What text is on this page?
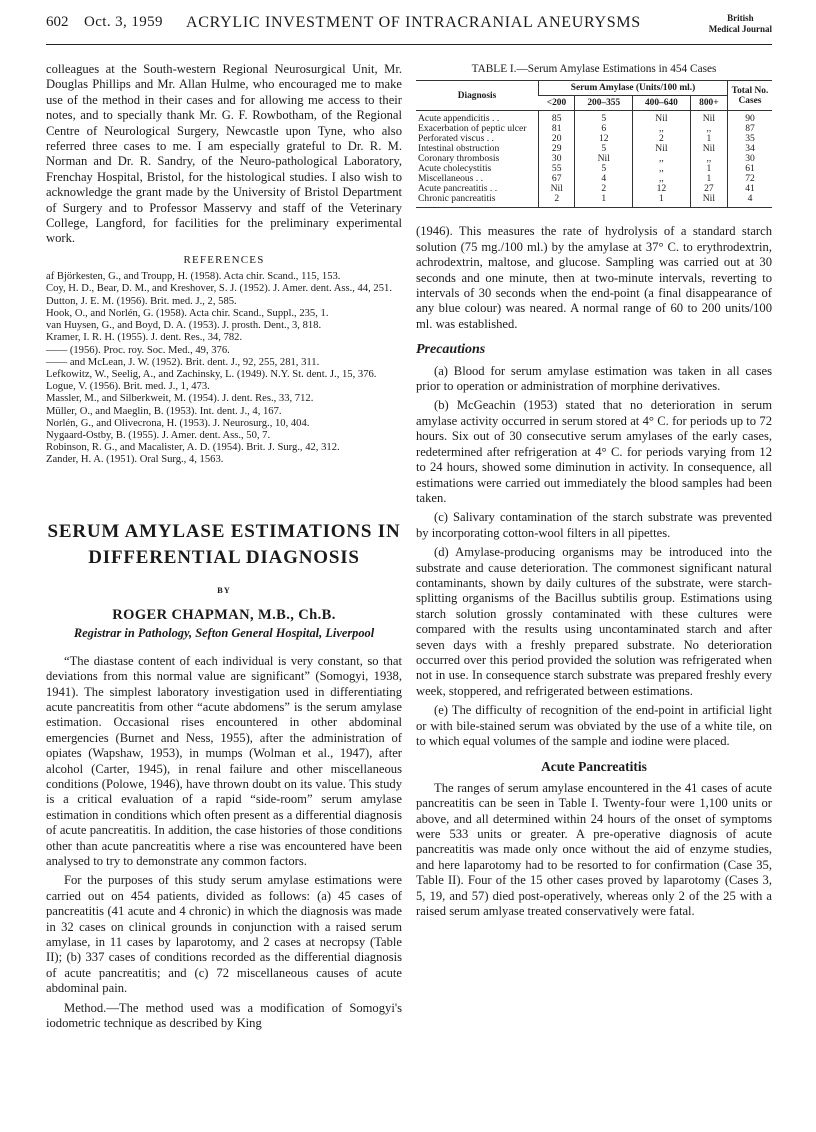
602 Oct. 3, 1959 ACRYLIC INVESTMENT OF INTRACRANIAL ANEURYSMS	British
Medical Journal

colleagues at the South-western Regional Neurosurgical Unit, Mr. Douglas Phillips and Mr. Allan Hulme, who encouraged me to make use of the method in their cases and for allowing me access to their notes, and to specially thank Mr. G. F. Rowbotham, of the Regional Centre of Neurological Surgery, Newcastle upon Tyne, who also referred three cases to me. I am especially grateful to Dr. R. M. Norman and Dr. R. Sandry, of the Neuro-pathological Laboratory, Frenchay Hospital, Bristol, for the histological studies. I also wish to acknowledge the grant made by the University of Bristol Department of Surgery and to Professor Masservy and staff of the Veterinary College, Langford, for facilities for the preliminary experimental work.

REFERENCES

af Björkesten, G., and Troupp, H. (1958). Acta chir. Scand., 115, 153.

Coy, H. D., Bear, D. M., and Kreshover, S. J. (1952). J. Amer. dent. Ass., 44, 251.

Dutton, J. E. M. (1956). Brit. med. J., 2, 585.

Hook, O., and Norlén, G. (1958). Acta chir. Scand., Suppl., 235, 1.

van Huysen, G., and Boyd, D. A. (1953). J. prosth. Dent., 3, 818.

Kramer, I. R. H. (1955). J. dent. Res., 34, 782.

—— (1956). Proc. roy. Soc. Med., 49, 376.

—— and McLean, J. W. (1952). Brit. dent. J., 92, 255, 281, 311.

Lefkowitz, W., Seelig, A., and Zachinsky, L. (1949). N.Y. St. dent. J., 15, 376.

Logue, V. (1956). Brit. med. J., 1, 473.

Massler, M., and Silberkweit, M. (1954). J. dent. Res., 33, 712.

Müller, O., and Maeglin, B. (1953). Int. dent. J., 4, 167.

Norlén, G., and Olivecrona, H. (1953). J. Neurosurg., 10, 404.

Nygaard-Ostby, B. (1955). J. Amer. dent. Ass., 50, 7.

Robinson, R. G., and Macalister, A. D. (1954). Brit. J. Surg., 42, 312.

Zander, H. A. (1951). Oral Surg., 4, 1563.

SERUM AMYLASE ESTIMATIONS IN DIFFERENTIAL DIAGNOSIS
BY
ROGER CHAPMAN, M.B., Ch.B.
Registrar in Pathology, Sefton General Hospital, Liverpool

“The diastase content of each individual is very constant, so that deviations from this normal value are significant” (Somogyi, 1938, 1941). The simplest laboratory investigation used in differentiating acute pancreatitis from other “acute abdomens” is the serum amylase estimation. Occasional rises encountered in other abdominal emergencies (Burnet and Ness, 1955), after the administration of opiates (Wapshaw, 1953), in mumps (Wolman et al., 1947), after alcohol (Carter, 1945), in renal failure and other miscellaneous conditions (Polowe, 1946), have thrown doubt on its value. This study is a critical evaluation of a rapid “side-room” serum amylase estimation in conditions which often present as a differential diagnosis of acute pancreatitis. In addition, the case histories of those conditions other than acute pancreatitis where a rise was encountered have been analysed to try to demonstrate any common factors.

For the purposes of this study serum amylase estimations were carried out on 454 patients, divided as follows: (a) 45 cases of pancreatitis (41 acute and 4 chronic) in which the diagnosis was made in 32 cases on clinical grounds in conjunction with a raised serum amylase, in 11 cases by laparotomy, and 2 cases at necropsy (Table II); (b) 337 cases of conditions recorded as the differential diagnosis of acute pancreatitis; and (c) 72 miscellaneous causes of acute abdominal pain.

Method.—The method used was a modification of Somogyi's iodometric technique as described by King

TABLE I.—Serum Amylase Estimations in 454 Cases
Diagnosis	Serum Amylase (Units/100 ml.)				Total No. Cases
	<200	200–355	400–640	800+	
Acute appendicitis . .	85	5	Nil	Nil	90
Exacerbation of peptic ulcer	81	6	,,	,,	87
Perforated viscus . .	20	12	2	1	35
Intestinal obstruction	29	5	Nil	Nil	34
Coronary thrombosis	30	Nil	,,	,,	30
Acute cholecystitis	55	5	,,	1	61
Miscellaneous . .	67	4	,,	1	72
Acute pancreatitis . .	Nil	2	12	27	41
Chronic pancreatitis	2	1	1	Nil	4

(1946). This measures the rate of hydrolysis of a standard starch solution (75 mg./100 ml.) by the amylase at 37° C. to erythrodextrin, achrodextrin, maltose, and glucose. Sampling was carried out at 30 seconds and one minute, then at two-minute intervals, reverting to intervals of 30 seconds when the end-point (a final disappearance of any blue colour) was neared. A normal range of 60 to 200 units/100 ml. was established.

Precautions

(a) Blood for serum amylase estimation was taken in all cases prior to operation or administration of morphine derivatives.

(b) McGeachin (1953) stated that no deterioration in serum amylase activity occurred in serum stored at 4° C. for periods up to 72 hours. Six out of 30 consecutive serum amylases of the early cases, redetermined after refrigeration at 4° C. for periods varying from 12 to 24 hours, showed some diminution in activity. In consequence, all estimations were carried out immediately the blood samples had been taken.

(c) Salivary contamination of the starch substrate was prevented by incorporating cotton-wool filters in all pipettes.

(d) Amylase-producing organisms may be introduced into the substrate and cause deterioration. The commonest significant natural contaminants, shown by daily cultures of the substrate, were starch-splitting organisms of the Bacillus subtilis group. Estimations using starch solution grossly contaminated with these cultures were compared with the results using uncontaminated starch and after seven days with a freshly prepared substrate. No deterioration occurred over this period provided the solution was refrigerated when not in use. In consequence starch substrate was prepared freshly every week, stoppered, and refrigerated between estimations.

(e) The difficulty of recognition of the end-point in artificial light or with bile-stained serum was obviated by the use of a white tile, on to which equal volumes of the sample and iodine were placed.

Acute Pancreatitis

The ranges of serum amylase encountered in the 41 cases of acute pancreatitis can be seen in Table I. Twenty-four were 1,100 units or above, and all determined within 24 hours of the onset of symptoms were 533 units or greater. A pre-operative diagnosis of acute pancreatitis was made only once without the aid of enzyme studies, and here laparotomy had to be resorted to for confirmation (Case 35, Table II). Four of the 15 other cases proved by laparotomy (Cases 3, 5, 19, and 57) died post-operatively, whereas only 2 of the 25 with a raised serum amlyase treated conservatively were fatal.
